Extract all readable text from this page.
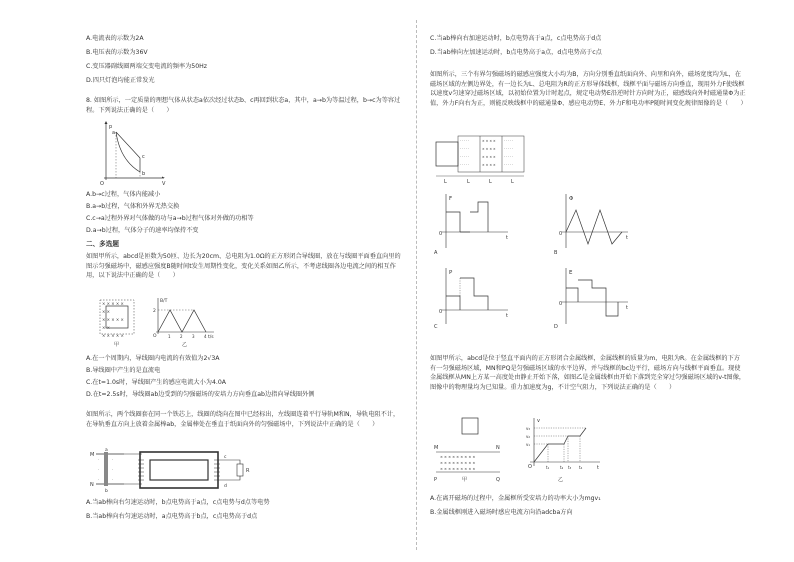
A.电流表的示数为2A
B.电压表的示数为36V
C.变压器副线圈两端交变电流的频率为50Hz
D.四只灯泡均能正常发光
8. 如图所示，一定质量的理想气体从状态a依次经过状态b、c再回到状态a，其中，a→b为等温过程，b→c为等容过程。下列说法正确的是（　　）
p
V
O
a
b
c
A.b→c过程，气体内能减小
B.a→b过程，气体和外界无热交换
C.c→a过程外界对气体做的功与a→b过程气体对外做的功相等
D.a→b过程，气体分子的速率均保持不变
二、多选题
如图甲所示，abcd是匝数为50匝、边长为20cm、总电阻为1.0Ω的正方形闭合导线圈，放在与线圈平面垂直向里的图示匀强磁场中，磁感应强度B随时间t发生周期性变化，变化关系如图乙所示，不考虑线圈各边电流之间的相互作用，以下说法中正确的是（　　）
× × × × ×
× ×
× × × × ×
× ×
× × × × ×
甲
B/T
t/s
2
O	1 2 3 4
乙
A.在一个周期内，导线圈内电流的有效值为2√3A
B.导线圈中产生的是直流电
C.在t=1.0s时，导线圈产生的感应电流大小为4.0A
D.在t=2.5s时，导线圈ab边受到的匀强磁场的安培力方向垂直ab边指向导线圈外侧
如图所示，两个线圈套在同一个铁芯上，线圈的绕向在图中已经标出，左线圈连着平行导轨M和N，导轨电阻不计，在导轨垂直方向上放着金属棒ab，金属棒处在垂直于纸面向外的匀强磁场中，下列说法中正确的是（　　）
·	·
·	·
·	·
M
N
a
b
c
d
R
A.当ab棒向右匀速运动时，b点电势高于a点，c点电势与d点等电势
B.当ab棒向右匀速运动时，a点电势高于b点，c点电势高于d点
C.当ab棒向右加速运动时，b点电势高于a点，c点电势高于d点
D.当ab棒向左加速运动时，b点电势高于a点，d点电势高于c点
如图所示，三个有界匀强磁场的磁感应强度大小均为B，方向分别垂直纸面向外、向里和向外，磁场宽度均为L，在磁场区域的左侧边界处，有一边长为L、总电阻为R的正方形导体线框，线框平面与磁场方向垂直，现用外力F使线框以速度v匀速穿过磁场区域，以初始位置为计时起点，规定电动势E沿逆时针方向时为正，磁感线向外时磁通量Φ为正值，外力F向右为正，则能反映线框中的磁通量Φ、感应电动势E、外力F和电功率P随时间变化规律图像的是（　　）
· · · · ·
· · · · ·
· · · · ·
· · · · ·
× × × ×
× × × ×
× × × ×
× × × ×
· · · · ·
· · · · ·
· · · · ·
· · · · ·
L	L	L	L
F
t
0
A
Φ
t
0
B
P
t
0
C
E
t
0
D
如图甲所示，abcd是位于竖直平面内的正方形闭合金属线框，金属线框的质量为m，电阻为R。在金属线框的下方有一匀强磁场区域，MN和PQ是匀强磁场区域的水平边界，并与线框的bc边平行，磁场方向与线框平面垂直。现使金属线框从MN上方某一高度处由静止开始下落，如图乙是金属线框由开始下落到完全穿过匀强磁场区域的v-t图像，图像中的物理量均为已知量。重力加速度为g，不计空气阻力，下列说法正确的是（　　）
× × × × × × × × ×
× × × × × × × × ×
× × × × × × × × ×
M	N
P	Q
甲
v
t
O
v₃
v₂
v₁
t₁	t₂ t₃ t₄
乙
A.在离开磁场的过程中，金属框所受安培力的功率大小为mgv₁
B.金属线框刚进入磁场时感应电流方向沿adcba方向
